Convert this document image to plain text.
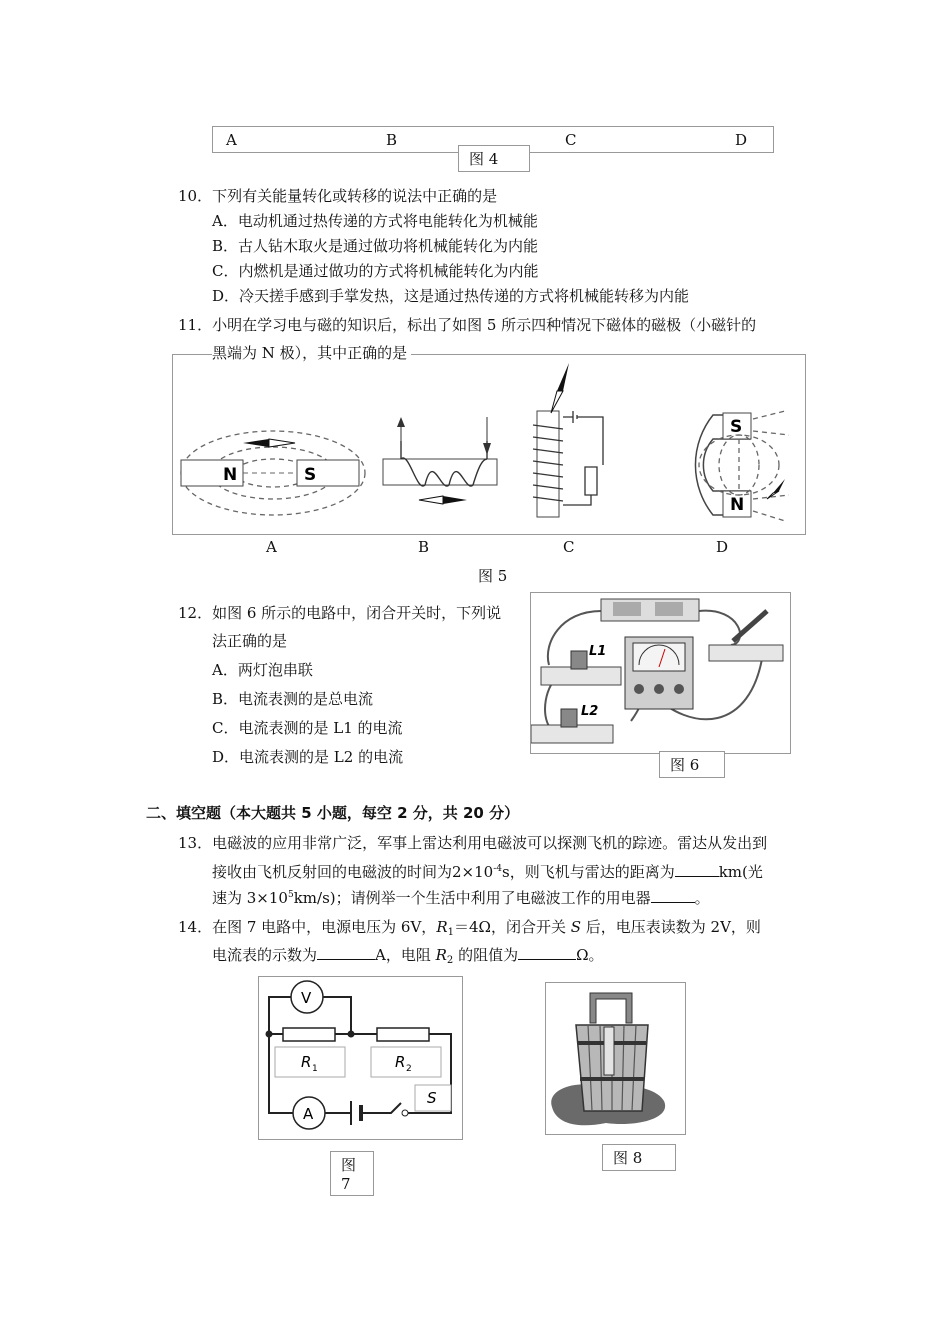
A	B	C	D
图 4
10．下列有关能量转化或转移的说法中正确的是
A．电动机通过热传递的方式将电能转化为机械能
B．古人钻木取火是通过做功将机械能转化为内能
C．内燃机是通过做功的方式将机械能转化为内能
D．冷天搓手感到手掌发热，这是通过热传递的方式将机械能转移为内能
11．小明在学习电与磁的知识后，标出了如图 5 所示四种情况下磁体的磁极（小磁针的
黑端为 N 极），其中正确的是
N	S
S
N
A	B	C	D
图 5
12．如图 6 所示的电路中，闭合开关时，下列说
法正确的是
A．两灯泡串联
B．电流表测的是总电流
C．电流表测的是 L1 的电流
D．电流表测的是 L2 的电流
L1
L2
图 6
二、填空题（本大题共 5 小题，每空 2 分，共 20 分）
13．电磁波的应用非常广泛，军事上雷达利用电磁波可以探测飞机的踪迹。雷达从发出到
接收由飞机反射回的电磁波的时间为$2\times 10^{-4}s$，则飞机与雷达的距离为	km(光
速为 $3\times 10^5km/s$)；请例举一个生活中利用了电磁波工作的用电器	。
14．在图 7 电路中，电源电压为 6V，$R_1=4\Omega$，闭合开关 S 后，电压表读数为 2V，则
电流表的示数为	A，电阻 $R_2$ 的阻值为	Ω。
V
A
R 1	R 2
S
图 7
图 8
